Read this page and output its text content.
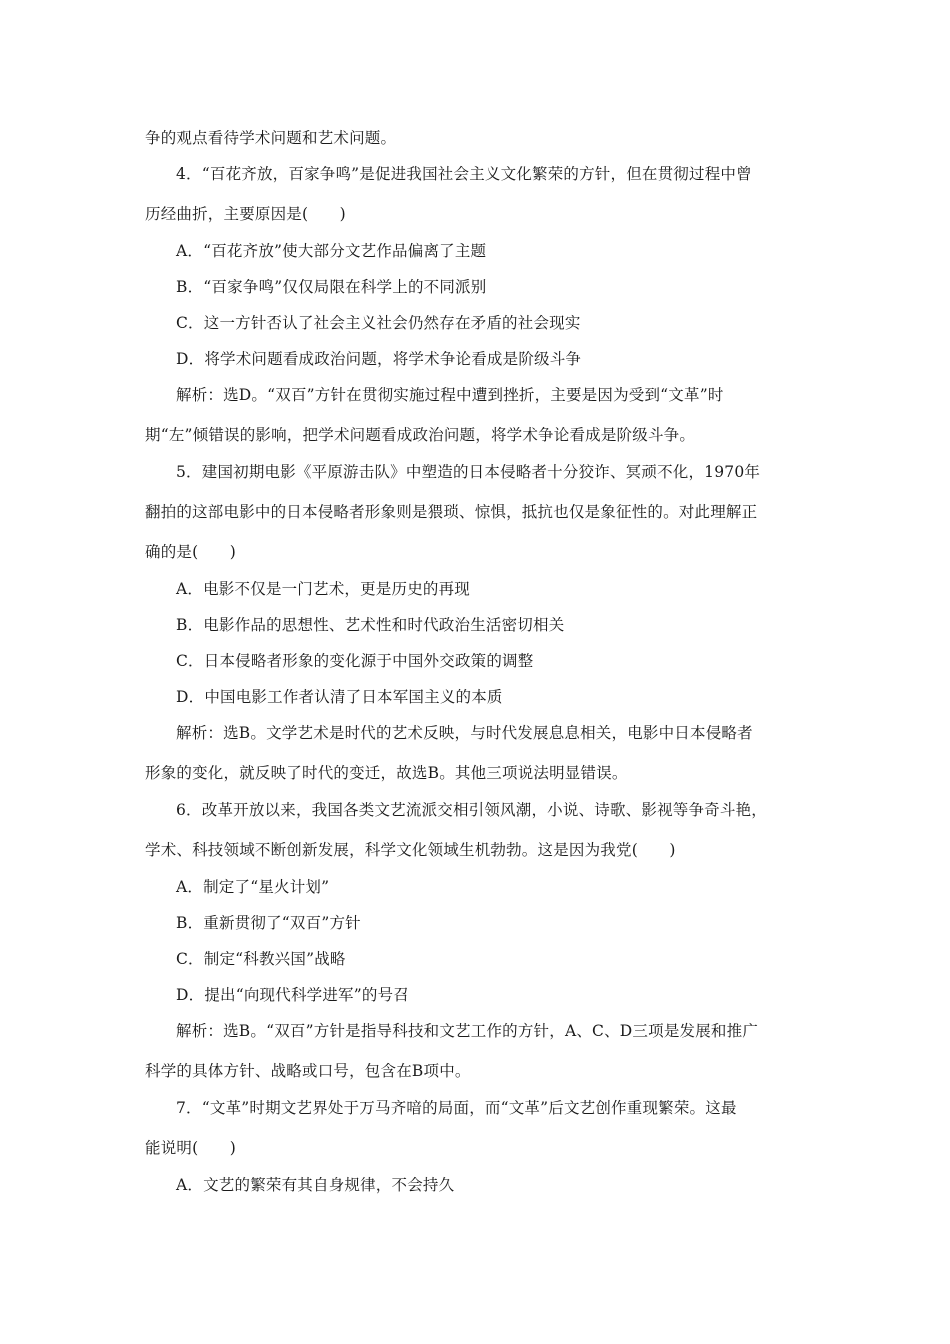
争的观点看待学术问题和艺术问题。
4．“百花齐放，百家争鸣”是促进我国社会主义文化繁荣的方针，但在贯彻过程中曾
历经曲折，主要原因是(　　)
A．“百花齐放”使大部分文艺作品偏离了主题
B．“百家争鸣”仅仅局限在科学上的不同派别
C．这一方针否认了社会主义社会仍然存在矛盾的社会现实
D．将学术问题看成政治问题，将学术争论看成是阶级斗争
解析：选D。“双百”方针在贯彻实施过程中遭到挫折，主要是因为受到“文革”时
期“左”倾错误的影响，把学术问题看成政治问题，将学术争论看成是阶级斗争。
5．建国初期电影《平原游击队》中塑造的日本侵略者十分狡诈、冥顽不化，1970年
翻拍的这部电影中的日本侵略者形象则是猥琐、惊惧，抵抗也仅是象征性的。对此理解正
确的是(　　)
A．电影不仅是一门艺术，更是历史的再现
B．电影作品的思想性、艺术性和时代政治生活密切相关
C．日本侵略者形象的变化源于中国外交政策的调整
D．中国电影工作者认清了日本军国主义的本质
解析：选B。文学艺术是时代的艺术反映，与时代发展息息相关，电影中日本侵略者
形象的变化，就反映了时代的变迁，故选B。其他三项说法明显错误。
6．改革开放以来，我国各类文艺流派交相引领风潮，小说、诗歌、影视等争奇斗艳，
学术、科技领域不断创新发展，科学文化领域生机勃勃。这是因为我党(　　)
A．制定了“星火计划”
B．重新贯彻了“双百”方针
C．制定“科教兴国”战略
D．提出“向现代科学进军”的号召
解析：选B。“双百”方针是指导科技和文艺工作的方针，A、C、D三项是发展和推广
科学的具体方针、战略或口号，包含在B项中。
7．“文革”时期文艺界处于万马齐喑的局面，而“文革”后文艺创作重现繁荣。这最
能说明(　　)
A．文艺的繁荣有其自身规律，不会持久
